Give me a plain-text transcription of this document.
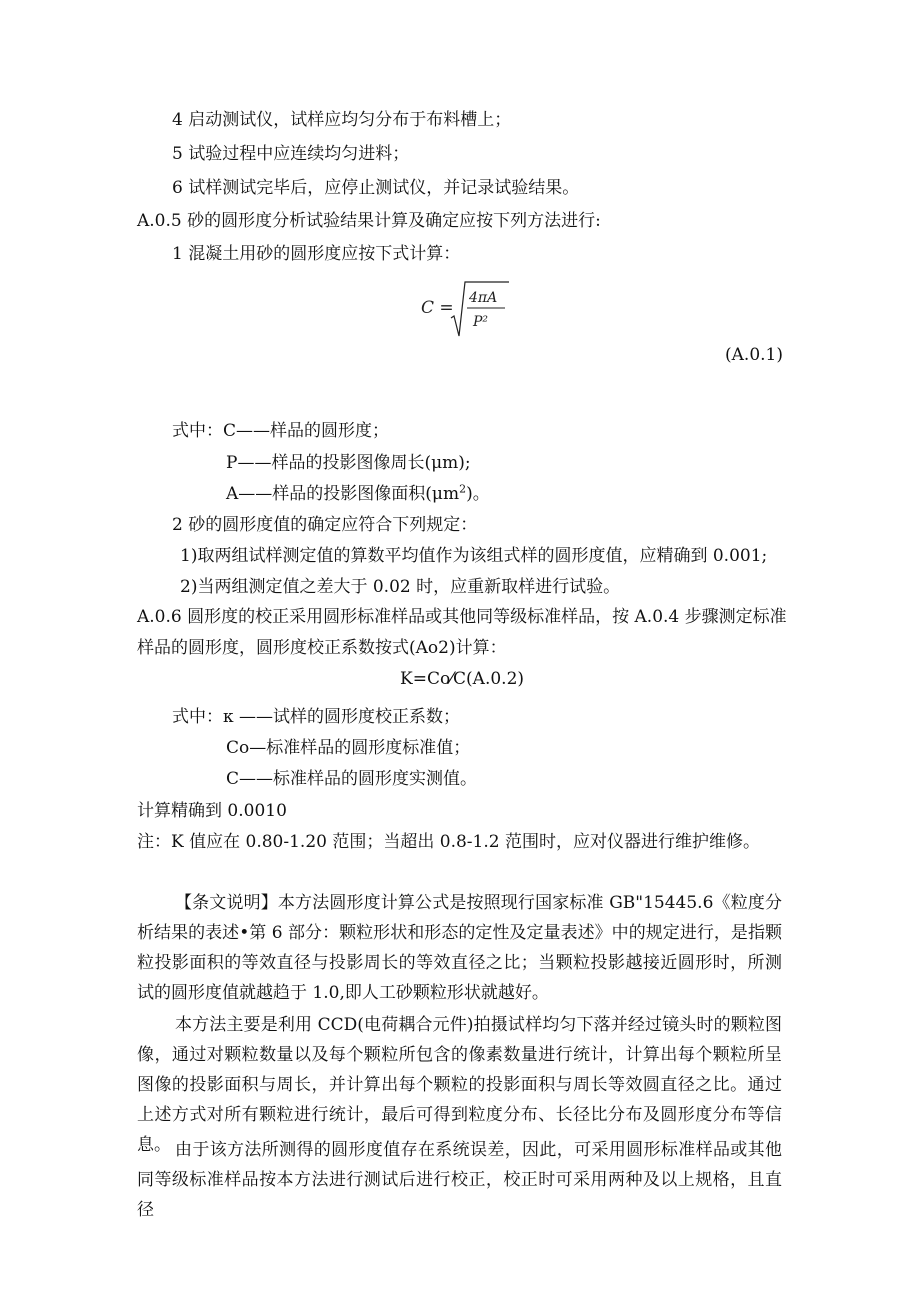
4 启动测试仪，试样应均匀分布于布料槽上；
5 试验过程中应连续均匀进料；
6 试样测试完毕后，应停止测试仪，并记录试验结果。
A.0.5 砂的圆形度分析试验结果计算及确定应按下列方法进行:
1 混凝土用砂的圆形度应按下式计算：
C = 4πA
P²
(A.0.1)
式中：C——样品的圆形度；
P——样品的投影图像周长(μm);
A——样品的投影图像面积$(\mu m^2)$。
2 砂的圆形度值的确定应符合下列规定：
1)取两组试样测定值的算数平均值作为该组式样的圆形度值，应精确到 0.001;
2)当两组测定值之差大于 0.02 时，应重新取样进行试验。
A.0.6 圆形度的校正采用圆形标准样品或其他同等级标准样品，按 A.0.4 步骤测定标准
样品的圆形度，圆形度校正系数按式(Ao2)计算：
K=Co⁄C(A.0.2)
式中：κ ——试样的圆形度校正系数；
Co—标准样品的圆形度标准值；
C——标准样品的圆形度实测值。
计算精确到 0.0010
注：K 值应在 0.80-1.20 范围；当超出 0.8-1.2 范围时，应对仪器进行维护维修。
【条文说明】本方法圆形度计算公式是按照现行国家标准 GB"15445.6《粒度分析结果的表述•第 6 部分：颗粒形状和形态的定性及定量表述》中的规定进行，是指颗粒投影面积的等效直径与投影周长的等效直径之比；当颗粒投影越接近圆形时，所测试的圆形度值就越趋于 1.0,即人工砂颗粒形状就越好。
本方法主要是利用 CCD(电荷耦合元件)拍摄试样均匀下落并经过镜头时的颗粒图像，通过对颗粒数量以及每个颗粒所包含的像素数量进行统计，计算出每个颗粒所呈图像的投影面积与周长，并计算出每个颗粒的投影面积与周长等效圆直径之比。通过上述方式对所有颗粒进行统计，最后可得到粒度分布、长径比分布及圆形度分布等信息。 由于该方法所测得的圆形度值存在系统误差，因此，可采用圆形标准样品或其他同等级标准样品按本方法进行测试后进行校正，校正时可采用两种及以上规格，且直径
